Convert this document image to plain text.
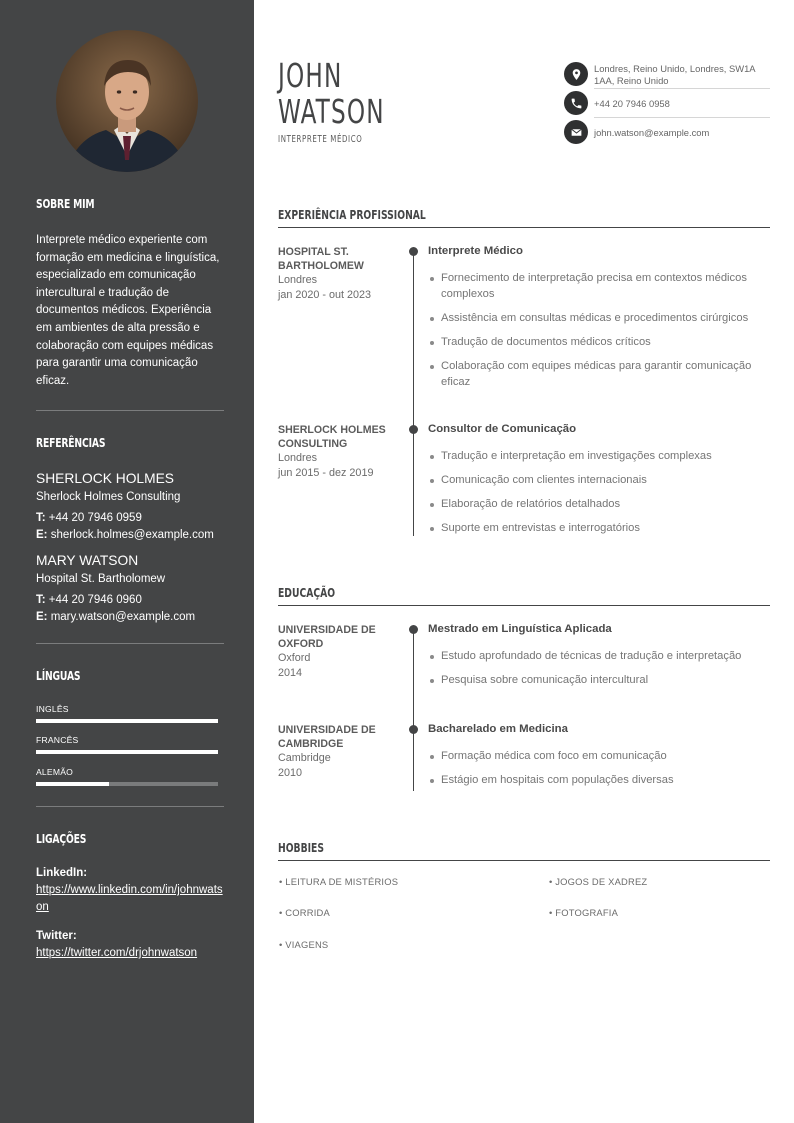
SOBRE MIM
Interprete médico experiente com formação em medicina e linguística, especializado em comunicação intercultural e tradução de documentos médicos. Experiência em ambientes de alta pressão e colaboração com equipes médicas para garantir uma comunicação eficaz.
REFERÊNCIAS
SHERLOCK HOLMES
Sherlock Holmes Consulting
T: +44 20 7946 0959
E: sherlock.holmes@example.com
MARY WATSON
Hospital St. Bartholomew
T: +44 20 7946 0960
E: mary.watson@example.com
LÍNGUAS
INGLÊS
FRANCÊS
ALEMÃO
LIGAÇÕES
LinkedIn:
https://www.linkedin.com/in/johnwatson
Twitter:
https://twitter.com/drjohnwatson
JOHN
WATSON
INTERPRETE MÉDICO
Londres, Reino Unido, Londres, SW1A 1AA, Reino Unido
+44 20 7946 0958
john.watson@example.com
EXPERIÊNCIA PROFISSIONAL
HOSPITAL ST. BARTHOLOMEW
Londres
jan 2020 - out 2023
Interprete Médico
Fornecimento de interpretação precisa em contextos médicos complexos
Assistência em consultas médicas e procedimentos cirúrgicos
Tradução de documentos médicos críticos
Colaboração com equipes médicas para garantir comunicação eficaz
SHERLOCK HOLMES CONSULTING
Londres
jun 2015 - dez 2019
Consultor de Comunicação
Tradução e interpretação em investigações complexas
Comunicação com clientes internacionais
Elaboração de relatórios detalhados
Suporte em entrevistas e interrogatórios
EDUCAÇÃO
UNIVERSIDADE DE OXFORD
Oxford
2014
Mestrado em Linguística Aplicada
Estudo aprofundado de técnicas de tradução e interpretação
Pesquisa sobre comunicação intercultural
UNIVERSIDADE DE CAMBRIDGE
Cambridge
2010
Bacharelado em Medicina
Formação médica com foco em comunicação
Estágio em hospitais com populações diversas
HOBBIES
• LEITURA DE MISTÉRIOS	• JOGOS DE XADREZ
• CORRIDA	• FOTOGRAFIA
• VIAGENS
